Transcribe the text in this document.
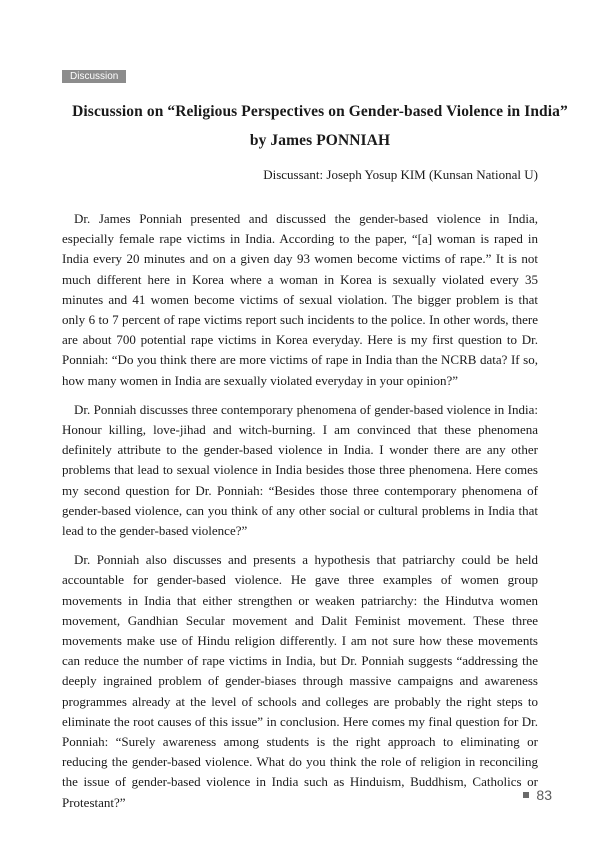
Discussion
Discussion on “Religious Perspectives on Gender-based Violence in India”
by James PONNIAH
Discussant: Joseph Yosup KIM (Kunsan National U)

Dr. James Ponniah presented and discussed the gender-based violence in India, especially female rape victims in India. According to the paper, “[a] woman is raped in India every 20 minutes and on a given day 93 women become victims of rape.” It is not much different here in Korea where a woman in Korea is sexually violated every 35 minutes and 41 women become victims of sexual violation. The bigger problem is that only 6 to 7 percent of rape victims report such incidents to the police. In other words, there are about 700 potential rape victims in Korea everyday. Here is my first question to Dr. Ponniah: “Do you think there are more victims of rape in India than the NCRB data? If so, how many women in India are sexually violated everyday in your opinion?”

Dr. Ponniah discusses three contemporary phenomena of gender-based violence in India: Honour killing, love-jihad and witch-burning. I am convinced that these phenomena definitely attribute to the gender-based violence in India. I wonder there are any other problems that lead to sexual violence in India besides those three phenomena. Here comes my second question for Dr. Ponniah: “Besides those three contemporary phenomena of gender-based violence, can you think of any other social or cultural problems in India that lead to the gender-based violence?”

Dr. Ponniah also discusses and presents a hypothesis that patriarchy could be held accountable for gender-based violence. He gave three examples of women group movements in India that either strengthen or weaken patriarchy: the Hindutva women movement, Gandhian Secular movement and Dalit Feminist movement. These three movements make use of Hindu religion differently. I am not sure how these movements can reduce the number of rape victims in India, but Dr. Ponniah suggests “addressing the deeply ingrained problem of gender-biases through massive campaigns and awareness programmes already at the level of schools and colleges are probably the right steps to eliminate the root causes of this issue” in conclusion. Here comes my final question for Dr. Ponniah: “Surely awareness among students is the right approach to eliminating or reducing the gender-based violence. What do you think the role of religion in reconciling the issue of gender-based violence in India such as Hinduism, Buddhism, Catholics or Protestant?”	83
